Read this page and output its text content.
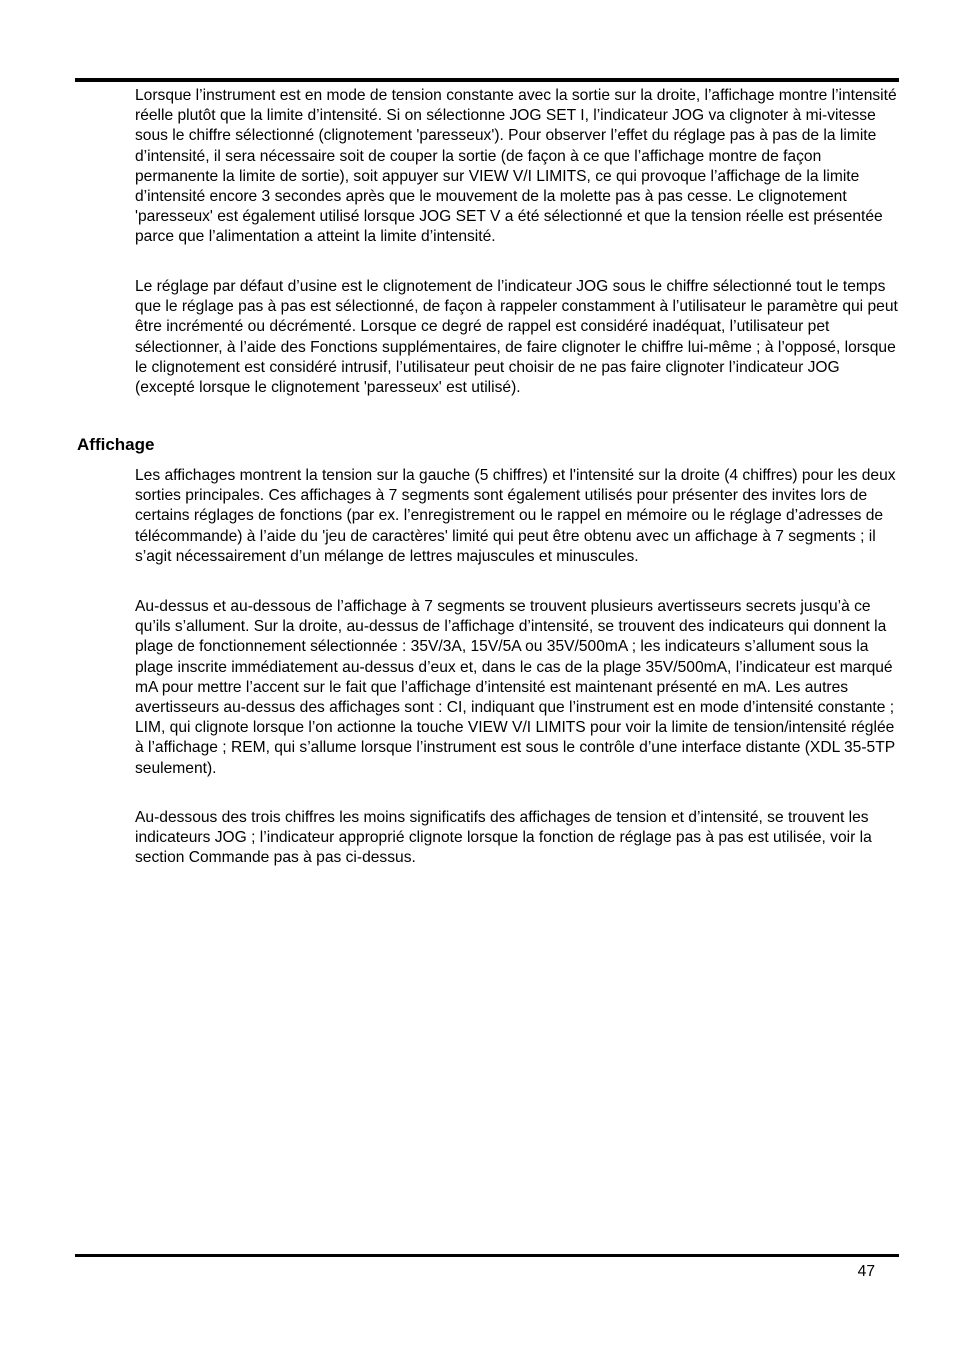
Lorsque l’instrument est en mode de tension constante avec la sortie sur la droite, l’affichage montre l’intensité réelle plutôt que la limite d’intensité. Si on sélectionne JOG SET I, l’indicateur JOG va clignoter à mi-vitesse sous le chiffre sélectionné (clignotement 'paresseux'). Pour observer l’effet du réglage pas à pas de la limite d’intensité, il sera nécessaire soit de couper la sortie (de façon à ce que l’affichage montre de façon permanente la limite de sortie), soit appuyer sur VIEW V/I LIMITS, ce qui provoque l’affichage de la limite d’intensité encore 3 secondes après que le mouvement de la molette pas à pas cesse. Le clignotement 'paresseux' est également utilisé lorsque JOG SET V a été sélectionné et que la tension réelle est présentée parce que l’alimentation a atteint la limite d’intensité.

Le réglage par défaut d’usine est le clignotement de l’indicateur JOG sous le chiffre sélectionné tout le temps que le réglage pas à pas est sélectionné, de façon à rappeler constamment à l’utilisateur le paramètre qui peut être incrémenté ou décrémenté. Lorsque ce degré de rappel est considéré inadéquat, l’utilisateur pet sélectionner, à l’aide des Fonctions supplémentaires, de faire clignoter le chiffre lui-même ; à l’opposé, lorsque le clignotement est considéré intrusif, l’utilisateur peut choisir de ne pas faire clignoter l’indicateur JOG (excepté lorsque le clignotement 'paresseux' est utilisé).

Affichage

Les affichages montrent la tension sur la gauche (5 chiffres) et l'intensité sur la droite (4 chiffres) pour les deux sorties principales. Ces affichages à 7 segments sont également utilisés pour présenter des invites lors de certains réglages de fonctions (par ex. l’enregistrement ou le rappel en mémoire ou le réglage d’adresses de télécommande) à l’aide du 'jeu de caractères' limité qui peut être obtenu avec un affichage à 7 segments ; il s’agit nécessairement d’un mélange de lettres majuscules et minuscules.

Au-dessus et au-dessous de l’affichage à 7 segments se trouvent plusieurs avertisseurs secrets jusqu’à ce qu’ils s’allument. Sur la droite, au-dessus de l’affichage d’intensité, se trouvent des indicateurs qui donnent la plage de fonctionnement sélectionnée : 35V/3A, 15V/5A ou 35V/500mA ; les indicateurs s’allument sous la plage inscrite immédiatement au-dessus d’eux et, dans le cas de la plage 35V/500mA, l’indicateur est marqué mA pour mettre l’accent sur le fait que l’affichage d’intensité est maintenant présenté en mA. Les autres avertisseurs au-dessus des affichages sont : CI, indiquant que l’instrument est en mode d’intensité constante ; LIM, qui clignote lorsque l’on actionne la touche VIEW V/I LIMITS pour voir la limite de tension/intensité réglée à l’affichage ; REM, qui s’allume lorsque l’instrument est sous le contrôle d’une interface distante (XDL 35-5TP seulement).

Au-dessous des trois chiffres les moins significatifs des affichages de tension et d’intensité, se trouvent les indicateurs JOG ; l’indicateur approprié clignote lorsque la fonction de réglage pas à pas est utilisée, voir la section Commande pas à pas ci-dessus.

47
